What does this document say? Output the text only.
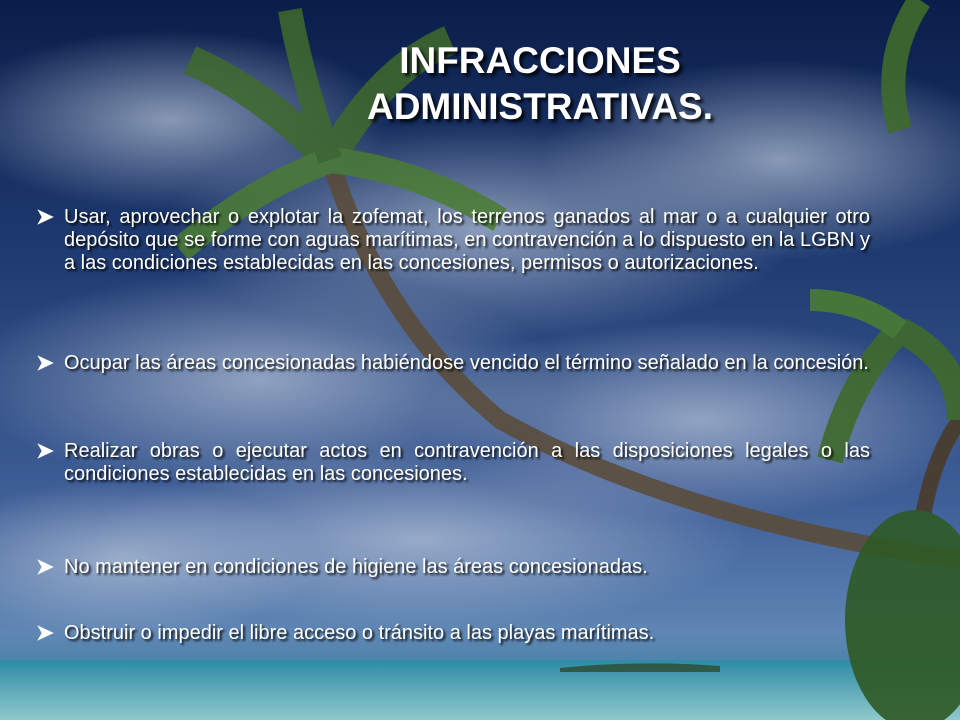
INFRACCIONES
ADMINISTRATIVAS.
Usar, aprovechar o explotar la zofemat, los terrenos ganados al mar o a cualquier otro depósito que se forme con aguas marítimas, en contravención a lo dispuesto en la LGBN y a las condiciones establecidas en las concesiones, permisos o autorizaciones.
Ocupar las áreas concesionadas habiéndose vencido el término señalado en la concesión.
Realizar obras o ejecutar actos en contravención a las disposiciones legales o las condiciones establecidas en las concesiones.
No mantener en condiciones de higiene las áreas concesionadas.
Obstruir o impedir el libre acceso o tránsito a las playas marítimas.
